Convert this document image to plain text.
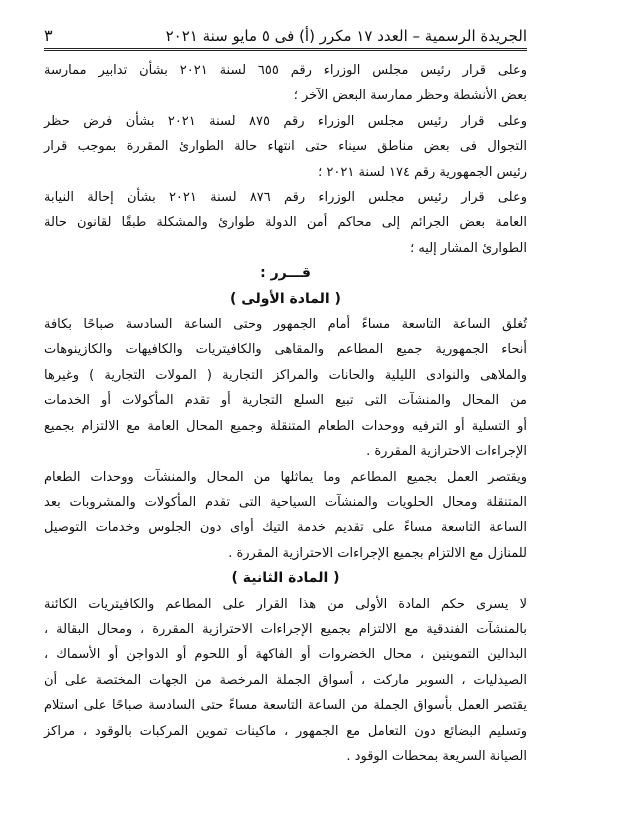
الجريدة الرسمية – العدد ١٧ مكرر (أ) فى ٥ مايو سنة ٢٠٢١
٣

وعلى قرار رئيس مجلس الوزراء رقم ٦٥٥ لسنة ٢٠٢١ بشأن تدابير ممارسة
بعض الأنشطة وحظر ممارسة البعض الآخر ؛

وعلى قرار رئيس مجلس الوزراء رقم ٨٧٥ لسنة ٢٠٢١ بشأن فرض حظر
التجوال فى بعض مناطق سيناء حتى انتهاء حالة الطوارئ المقررة بموجب قرار
رئيس الجمهورية رقم ١٧٤ لسنة ٢٠٢١ ؛

وعلى قرار رئيس مجلس الوزراء رقم ٨٧٦ لسنة ٢٠٢١ بشأن إحالة النيابة
العامة بعض الجرائم إلى محاكم أمن الدولة طوارئ والمشكلة طبقًا لقانون حالة
الطوارئ المشار إليه ؛

قـــرر :

( المادة الأولى )

تُغلق الساعة التاسعة مساءً أمام الجمهور وحتى الساعة السادسة صباحًا بكافة
أنحاء الجمهورية جميع المطاعم والمقاهى والكافيتريات والكافيهات والكازينوهات
والملاهى والنوادى الليلية والحانات والمراكز التجارية ( المولات التجارية ) وغيرها
من المحال والمنشآت التى تبيع السلع التجارية أو تقدم المأكولات أو الخدمات
أو التسلية أو الترفيه ووحدات الطعام المتنقلة وجميع المحال العامة مع الالتزام بجميع
الإجراءات الاحترازية المقررة .

ويقتصر العمل بجميع المطاعم وما يماثلها من المحال والمنشآت ووحدات الطعام
المتنقلة ومحال الحلويات والمنشآت السياحية التى تقدم المأكولات والمشروبات بعد
الساعة التاسعة مساءً على تقديم خدمة التيك أواى دون الجلوس وخدمات التوصيل
للمنازل مع الالتزام بجميع الإجراءات الاحترازية المقررة .

( المادة الثانية )

لا يسرى حكم المادة الأولى من هذا القرار على المطاعم والكافيتريات الكائنة
بالمنشآت الفندقية مع الالتزام بجميع الإجراءات الاحترازية المقررة ، ومحال البقالة ،
البدالين التموينين ، محال الخضروات أو الفاكهة أو اللحوم أو الدواجن أو الأسماك ،
الصيدليات ، السوبر ماركت ، أسواق الجملة المرخصة من الجهات المختصة على أن
يقتصر العمل بأسواق الجملة من الساعة التاسعة مساءً حتى السادسة صباحًا على استلام
وتسليم البضائع دون التعامل مع الجمهور ، ماكينات تموين المركبات بالوقود ، مراكز
الصيانة السريعة بمحطات الوقود .
